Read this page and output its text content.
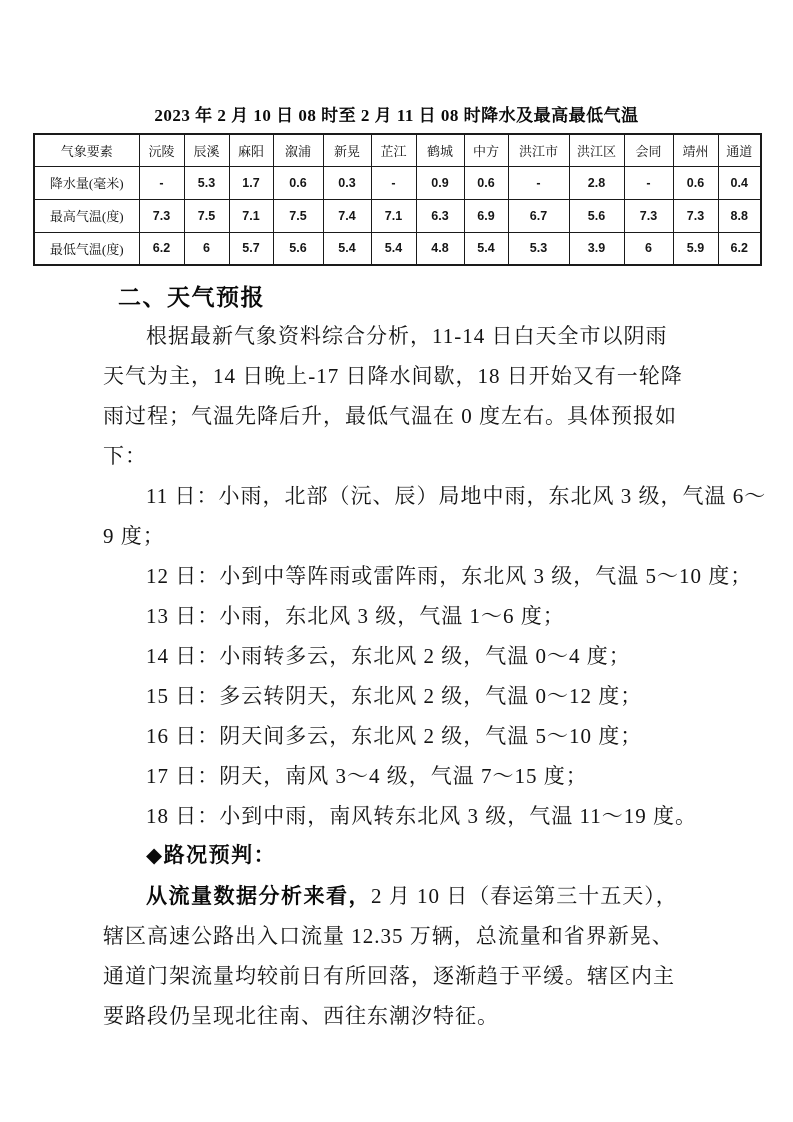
2023 年 2 月 10 日 08 时至 2 月 11 日 08 时降水及最高最低气温
气象要素	沅陵	辰溪	麻阳	溆浦	新晃	芷江	鹤城	中方	洪江市	洪江区	会同	靖州	通道
降水量(毫米)	-	5.3	1.7	0.6	0.3	-	0.9	0.6	-	2.8	-	0.6	0.4
最高气温(度)	7.3	7.5	7.1	7.5	7.4	7.1	6.3	6.9	6.7	5.6	7.3	7.3	8.8
最低气温(度)	6.2	6	5.7	5.6	5.4	5.4	4.8	5.4	5.3	3.9	6	5.9	6.2
二、天气预报
根据最新气象资料综合分析，11-14 日白天全市以阴雨
天气为主，14 日晚上-17 日降水间歇，18 日开始又有一轮降
雨过程；气温先降后升，最低气温在 0 度左右。具体预报如
下：
11 日：小雨，北部（沅、辰）局地中雨，东北风 3 级，气温 6～
9 度；
12 日：小到中等阵雨或雷阵雨，东北风 3 级，气温 5～10 度；
13 日：小雨，东北风 3 级，气温 1～6 度；
14 日：小雨转多云，东北风 2 级，气温 0～4 度；
15 日：多云转阴天，东北风 2 级，气温 0～12 度；
16 日：阴天间多云，东北风 2 级，气温 5～10 度；
17 日：阴天，南风 3～4 级，气温 7～15 度；
18 日：小到中雨，南风转东北风 3 级，气温 11～19 度。
◆路况预判：
从流量数据分析来看，2 月 10 日（春运第三十五天），
辖区高速公路出入口流量 12.35 万辆，总流量和省界新晃、
通道门架流量均较前日有所回落，逐渐趋于平缓。辖区内主
要路段仍呈现北往南、西往东潮汐特征。
